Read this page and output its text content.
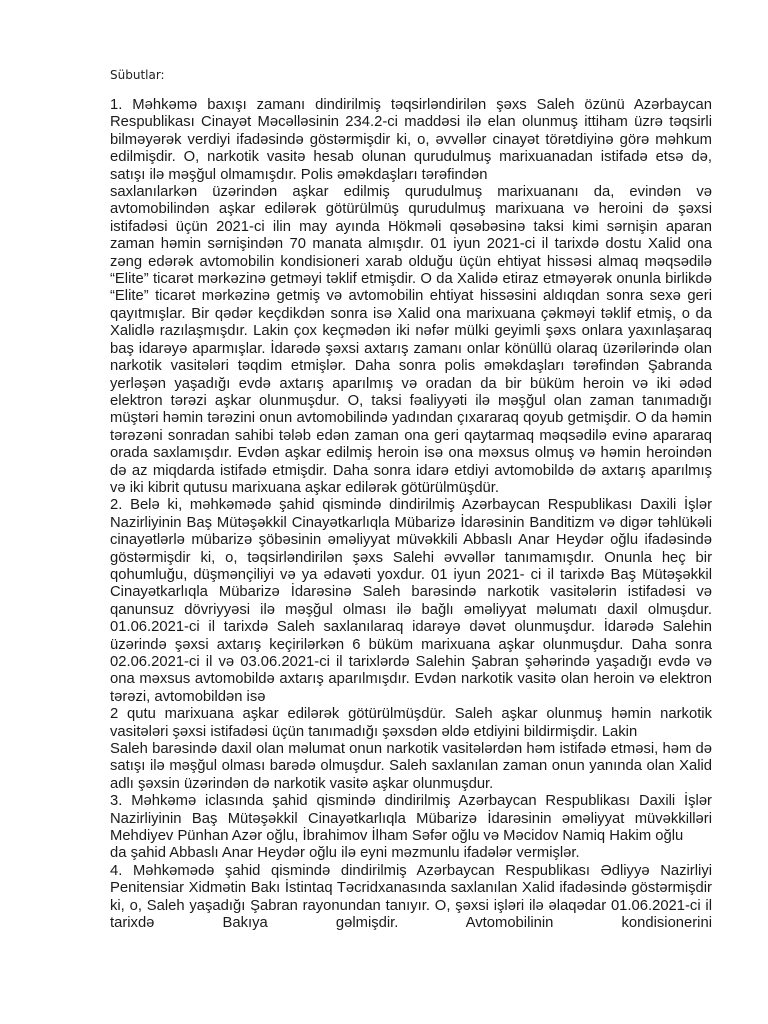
Sübutlar:

1. Məhkəmə baxışı zamanı dindirilmiş təqsirləndirilən şəxs Saleh özünü Azərbaycan Respublikası Cinayət Məcəlləsinin 234.2-ci maddəsi ilə elan olunmuş ittiham üzrə təqsirli bilməyərək verdiyi ifadəsində göstərmişdir ki, o, əvvəllər cinayət törətdiyinə görə məhkum edilmişdir. O, narkotik vasitə hesab olunan qurudulmuş marixuanadan istifadə etsə də, satışı ilə məşğul olmamışdır. Polis əməkdaşları tərəfindən

saxlanılarkən üzərindən aşkar edilmiş qurudulmuş marixuananı da, evindən və avtomobilindən aşkar edilərək götürülmüş qurudulmuş marixuana və heroini də şəxsi istifadəsi üçün 2021-ci ilin may ayında Hökməli qəsəbəsinə taksi kimi sərnişin aparan zaman həmin sərnişindən 70 manata almışdır. 01 iyun 2021-ci il tarixdə dostu Xalid ona zəng edərək avtomobilin kondisioneri xarab olduğu üçün ehtiyat hissəsi almaq məqsədilə “Elite” ticarət mərkəzinə getməyi təklif etmişdir. O da Xalidə etiraz etməyərək onunla birlikdə “Elite” ticarət mərkəzinə getmiş və avtomobilin ehtiyat hissəsini aldıqdan sonra sexə geri qayıtmışlar. Bir qədər keçdikdən sonra isə Xalid ona marixuana çəkməyi təklif etmiş, o da Xalidlə razılaşmışdır. Lakin çox keçmədən iki nəfər mülki geyimli şəxs onlara yaxınlaşaraq baş idarəyə aparmışlar. İdarədə şəxsi axtarış zamanı onlar könüllü olaraq üzərilərində olan narkotik vasitələri təqdim etmişlər. Daha sonra polis əməkdaşları tərəfindən Şabranda yerləşən yaşadığı evdə axtarış aparılmış və oradan da bir büküm heroin və iki ədəd elektron tərəzi aşkar olunmuşdur. O, taksi fəaliyyəti ilə məşğul olan zaman tanımadığı müştəri həmin tərəzini onun avtomobilində yadından çıxararaq qoyub getmişdir. O da həmin tərəzəni sonradan sahibi tələb edən zaman ona geri qaytarmaq məqsədilə evinə apararaq orada saxlamışdır. Evdən aşkar edilmiş heroin isə ona məxsus olmuş və həmin heroindən də az miqdarda istifadə etmişdir. Daha sonra idarə etdiyi avtomobildə də axtarış aparılmış və iki kibrit qutusu marixuana aşkar edilərək götürülmüşdür.

2. Belə ki, məhkəmədə şahid qismində dindirilmiş Azərbaycan Respublikası Daxili İşlər Nazirliyinin Baş Mütəşəkkil Cinayətkarlıqla Mübarizə İdarəsinin Banditizm və digər təhlükəli cinayətlərlə mübarizə şöbəsinin əməliyyat müvəkkili Abbaslı Anar Heydər oğlu ifadəsində göstərmişdir ki, o, təqsirləndirilən şəxs Salehi əvvəllər tanımamışdır. Onunla heç bir qohumluğu, düşmənçiliyi və ya ədavəti yoxdur. 01 iyun 2021- ci il tarixdə Baş Mütəşəkkil Cinayətkarlıqla Mübarizə İdarəsinə Saleh barəsində narkotik vasitələrin istifadəsi və qanunsuz dövriyyəsi ilə məşğul olması ilə bağlı əməliyyat məlumatı daxil olmuşdur. 01.06.2021-ci il tarixdə Saleh saxlanılaraq idarəyə dəvət olunmuşdur. İdarədə Salehin üzərində şəxsi axtarış keçirilərkən 6 büküm marixuana aşkar olunmuşdur. Daha sonra 02.06.2021-ci il və 03.06.2021-ci il tarixlərdə Salehin Şabran şəhərində yaşadığı evdə və ona məxsus avtomobildə axtarış aparılmışdır. Evdən narkotik vasitə olan heroin və elektron tərəzi, avtomobildən isə

2 qutu marixuana aşkar edilərək götürülmüşdür. Saleh aşkar olunmuş həmin narkotik vasitələri şəxsi istifadəsi üçün tanımadığı şəxsdən əldə etdiyini bildirmişdir. Lakin

Saleh barəsində daxil olan məlumat onun narkotik vasitələrdən həm istifadə etməsi, həm də satışı ilə məşğul olması barədə olmuşdur. Saleh saxlanılan zaman onun yanında olan Xalid adlı şəxsin üzərindən də narkotik vasitə aşkar olunmuşdur.

3. Məhkəmə iclasında şahid qismində dindirilmiş Azərbaycan Respublikası Daxili İşlər Nazirliyinin Baş Mütəşəkkil Cinayətkarlıqla Mübarizə İdarəsinin əməliyyat müvəkkilləri Mehdiyev Pünhan Azər oğlu, İbrahimov İlham Səfər oğlu və Məcidov Namiq Hakim oğlu

da şahid Abbaslı Anar Heydər oğlu ilə eyni məzmunlu ifadələr vermişlər.

4. Məhkəmədə şahid qismində dindirilmiş Azərbaycan Respublikası Ədliyyə Nazirliyi Penitensiar Xidmətin Bakı İstintaq Təcridxanasında saxlanılan Xalid ifadəsində göstərmişdir ki, o, Saleh yaşadığı Şabran rayonundan tanıyır. O, şəxsi işləri ilə əlaqədar 01.06.2021-ci il tarixdə Bakıya gəlmişdir. Avtomobilinin kondisionerini
